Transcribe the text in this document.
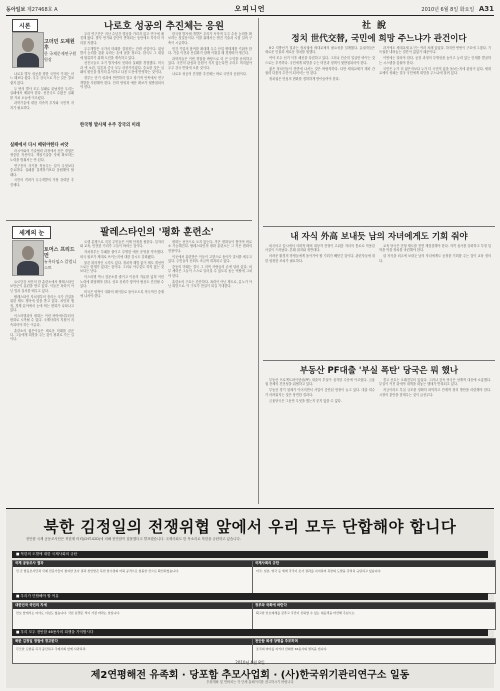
동아일보 제27468호 A	오피니언	2010년 6월 8일 화요일 A31
시론	나로호 성공의 추진체는 응원
고더민 도제원후
한 국제문제연구원 원장

나로호 발사 성공을 향한 국민의 기대는 어느 때보다 컸다. 우주 강국으로 가는 길은 결코 쉽지 않다.

두 번의 발사 모두 실패로 끝났지만 우리는 실패에서 배워야 한다. 선진국도 수많은 실패를 거쳐 오늘에 이르렀다.

과학기술에 대한 지속적 투자와 국민적 지지가 필요하다.

실패에서 다시 배워야한다 씨앗

러시아와의 기술협력 과정에서 얻은 경험은 귀중한 자산이다. 핵심기술을 자체 확보하는 노력을 멈춰서는 안 된다.

연구진의 사기를 북돋우는 일이 무엇보다 중요하다. 실패를 질책하기보다 응원해야 할 때다.

국민의 격려가 우주개발의 가장 강력한 추진체다.

우리 연구진은 지난 수년간 밤낮을 가리지 않고 연구에 매진해 왔다. 발사 연기와 중단이 반복되는 동안에도 묵묵히 자리를 지켰다.

우주개발은 국가의 미래를 결정짓는 전략 산업이다. 위성 발사 능력을 갖춘 나라는 손에 꼽을 정도다. 한국도 그 대열에 합류하기 위해 도전을 계속하고 있다.

선진국들도 초기 발사에서 잇따라 실패를 경험했다. 미국과 옛 소련, 일본과 중국 모두 마찬가지였다. 중요한 것은 실패의 원인을 철저히 분석하고 다음 도전에 반영하는 것이다.

정부는 단기 성과에 연연하지 말고 장기적 안목에서 연구개발을 지원해야 한다. 인력 양성과 예산 확보가 뒷받침되어야 한다.

한국형 발사체 우주 강국의 미래

한국형 발사체 개발은 우리가 독자적 우주 수송 능력을 확보하는 첫걸음이다. 이를 위해서는 엔진 기술과 시험 설비 구축이 시급하다.

민간 기업의 참여를 확대해 우주 산업 생태계를 키워야 한다. 기술 이전과 산업화가 함께 이뤄질 때 경쟁력이 생긴다.

과학자들은 이번 경험을 바탕으로 더 큰 도약을 준비하고 있다. 국민의 관심과 응원이 식지 않는다면 우리도 머지않아 우주 강국 반열에 오를 것이다.

나로호 성공의 진정한 추진체는 바로 국민의 응원이다.

세계의 눈	팔레스타인의 '평화 훈련소'
토머스 프리드먼
뉴욕타임스 칼럼니스트

요르단강 서안의 한 훈련소에서 팔레스타인 보안군이 훈련을 받고 있다. 이들은 폭력이 아닌 법과 질서를 배우고 있다.

팔레스타인 자치정부의 총리는 국가 건설을 위한 제도 정비에 힘을 쏟고 있다. 치안과 행정, 경제 분야에서 눈에 띄는 변화가 나타나고 있다.

이스라엘과의 평화는 이런 바닥에서부터의 변화로 시작될 수 있다. 국제사회의 지원이 지속되어야 하는 이유다.

훈련소의 젊은이들은 새로운 미래를 꿈꾼다. 그들에게 희망을 주는 것이 평화로 가는 길이다.

오랜 분쟁으로 지친 주민들은 이제 안정을 원한다. 일자리와 교육, 안전한 거리가 그들이 바라는 것이다.

자치정부는 부패를 줄이고 투명한 예산 운영을 약속했다. 외국 원조가 제대로 쓰이는지에 대한 감시도 강화됐다.

물론 회의적인 시각도 있다. 정치적 해법 없이 제도 개선만으로는 한계가 있다는 것이다. 그러나 아무것도 하지 않는 것보다는 낫다.

이스라엘 역시 검문소를 줄이고 이동의 자유를 넓혀 이런 노력에 화답해야 한다. 상호 신뢰가 쌓여야 협상도 진전될 수 있다.

미국은 양측이 대화의 테이블로 돌아오도록 적극적인 중재에 나서야 한다.

평화는 선언으로 오지 않는다. 작은 변화들이 쌓여야 비로소 가능해진다. 팔레스타인의 평화 훈련소는 그 작은 변화의 현장이다.

이곳에서 훈련받은 이들이 고향으로 돌아가 질서를 세우고 있다. 주민들의 신뢰도 조금씩 회복되고 있다.

중동의 미래는 결국 그 지역 사람들의 손에 달려 있다. 외부 세력은 그들이 스스로 일어설 수 있도록 돕는 역할에 그쳐야 한다.

훈련소의 구호는 간단하다. 폭력이 아닌 제도로, 분노가 아닌 희망으로. 이 구호가 현실이 되길 기대한다.

社說
정치 世代交替, 국민에 희망 주느냐가 관건이다

6·2 지방선거 결과는 정치권에 세대교체의 필요성을 일깨웠다. 유권자들은 새로운 인물과 새로운 정치를 원했다.

여야 모두 선거 이후 쇄신을 다짐하고 있다. 그러나 단순히 얼굴만 바꾸는 것으로는 부족하다. 국민에게 희망을 주는 비전과 정책이 뒷받침되어야 한다.

젊은 정치인들이 전면에 나서는 것은 바람직하다. 다만 세대교체가 계파 간 권력 다툼의 수단이 되어서는 안 된다.

정치권은 민심의 변화를 겸허하게 받아들여야 한다.

과거에도 세대교체 요구는 여러 차례 있었다. 하지만 번번이 구호에 그쳤다. 기득권을 내려놓는 결단이 없었기 때문이다.

이번에는 달라야 한다. 공천 과정의 투명성을 높이고 능력 있는 인재를 발굴하는 시스템을 갖춰야 한다.

국민은 누가 더 젊은지보다 누가 더 국민의 삶을 돌보는지에 관심이 있다. 세대교체의 성패는 결국 국민에게 희망을 주느냐에 달려 있다.

내 자식 外高 보내듯 남의 자녀에게도 기회 줘야

외국어고 입시에서 사회적 배려 대상자 전형이 고위층 자녀의 통로로 악용된 사실이 드러났다. 본래 취지와 정반대다.

어려운 환경의 학생들에게 돌아가야 할 기회가 빼앗긴 것이다. 관련자들에 대한 엄정한 조치가 필요하다.

교육 당국은 전형 제도를 전면 재점검해야 한다. 자격 심사를 강화하고 부정 입학을 막을 장치를 마련해야 한다.

내 자식을 외고에 보내듯 남의 자녀에게도 공정한 기회를 주는 것이 교육 정의다.

부동산 PF대출 '부실 폭탄' 당국은 뭐 했나

부동산 프로젝트파이낸싱(PF) 대출의 부실이 심각한 수준에 이르렀다. 금융권 전체의 건전성을 위협하고 있다.

부동산 경기 침체가 이어지면서 사업이 중단된 현장이 늘고 있다. 대출 회수가 어려워지는 것은 당연한 결과다.

금융당국은 그동안 무엇을 했는지 묻지 않을 수 없다.

경고 신호는 오래전부터 있었다. 그러나 감독 당국은 선제적 대응에 소홀했다. 부실이 커진 뒤에야 대책을 내놓는 행태가 반복되고 있다.

지금이라도 부실 규모를 정확히 파악하고 단계적 정리 방안을 마련해야 한다. 시장의 불안을 잠재우는 것이 급선무다.

북한 김정일의 전쟁위협 앞에서 우리 모두 단합해야 합니다
천안함 국제 공동조사단은 북한제 어뢰(CHT-02D)에 의해 천안함이 침몰했다고 발표했습니다. 국제사회도 한 목소리로 북한을 규탄하고 있습니다.
■ 북한의 도발에 대한 국제사회의 규탄
국제 공동조사 결과
민·군 합동조사단과 국제 전문가들이 참여한 조사 결과 천안함은 북한 잠수정의 어뢰 공격으로 침몰한 것으로 확인되었습니다.
국제사회의 규탄
미국, 일본, 영국 등 세계 각국이 조사 결과를 지지하며 북한의 도발을 강력히 규탄하고 있습니다.
■ 우리가 단합해야 할 이유
대한민국 국민의 자세
안보 앞에서는 여야도 이념도 없습니다. 국론 분열은 적이 가장 바라는 일입니다.
정부와 국회에 바란다
확고한 안보태세를 갖추고 국민이 신뢰할 수 있는 대응책을 마련해 주십시오.
■ 우리 모두 천안함 46용사의 희생을 기억합시다
북한 김정일 정권에 경고한다
무모한 도발을 즉각 중단하고 국제사회 앞에 사과하라.
천안함 희생 장병을 추모하며
조국의 바다를 지키다 산화한 46용사의 명복을 빕니다.
2010년 6월 8일
제2연평해전 유족회 · 당포함 추모사업회 · (사)한국위기관리연구소 일동
후원계좌 및 연락처는 각 단체 홈페이지를 참고하시기 바랍니다
